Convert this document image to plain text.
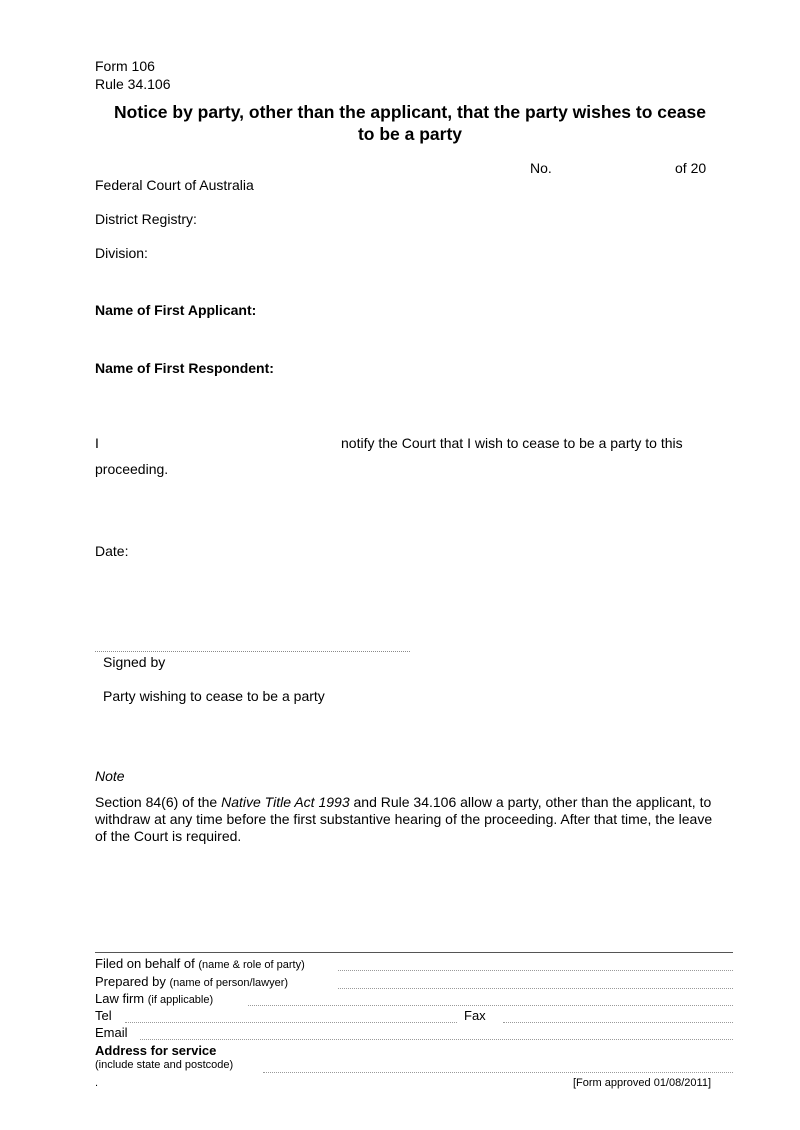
Form 106
Rule 34.106
Notice by party, other than the applicant, that the party wishes to cease to be a party
No.	of 20
Federal Court of Australia
District Registry:
Division:
Name of First Applicant:
Name of First Respondent:
I	notify the Court that I wish to cease to be a party to this
proceeding.
Date:
Signed by
Party wishing to cease to be a party
Note
Section 84(6) of the Native Title Act 1993 and Rule 34.106 allow a party, other than the applicant, to withdraw at any time before the first substantive hearing of the proceeding. After that time, the leave of the Court is required.
Filed on behalf of (name & role of party)
Prepared by (name of person/lawyer)
Law firm (if applicable)
Tel	Fax
Email
Address for service
(include state and postcode)
.	[Form approved 01/08/2011]
